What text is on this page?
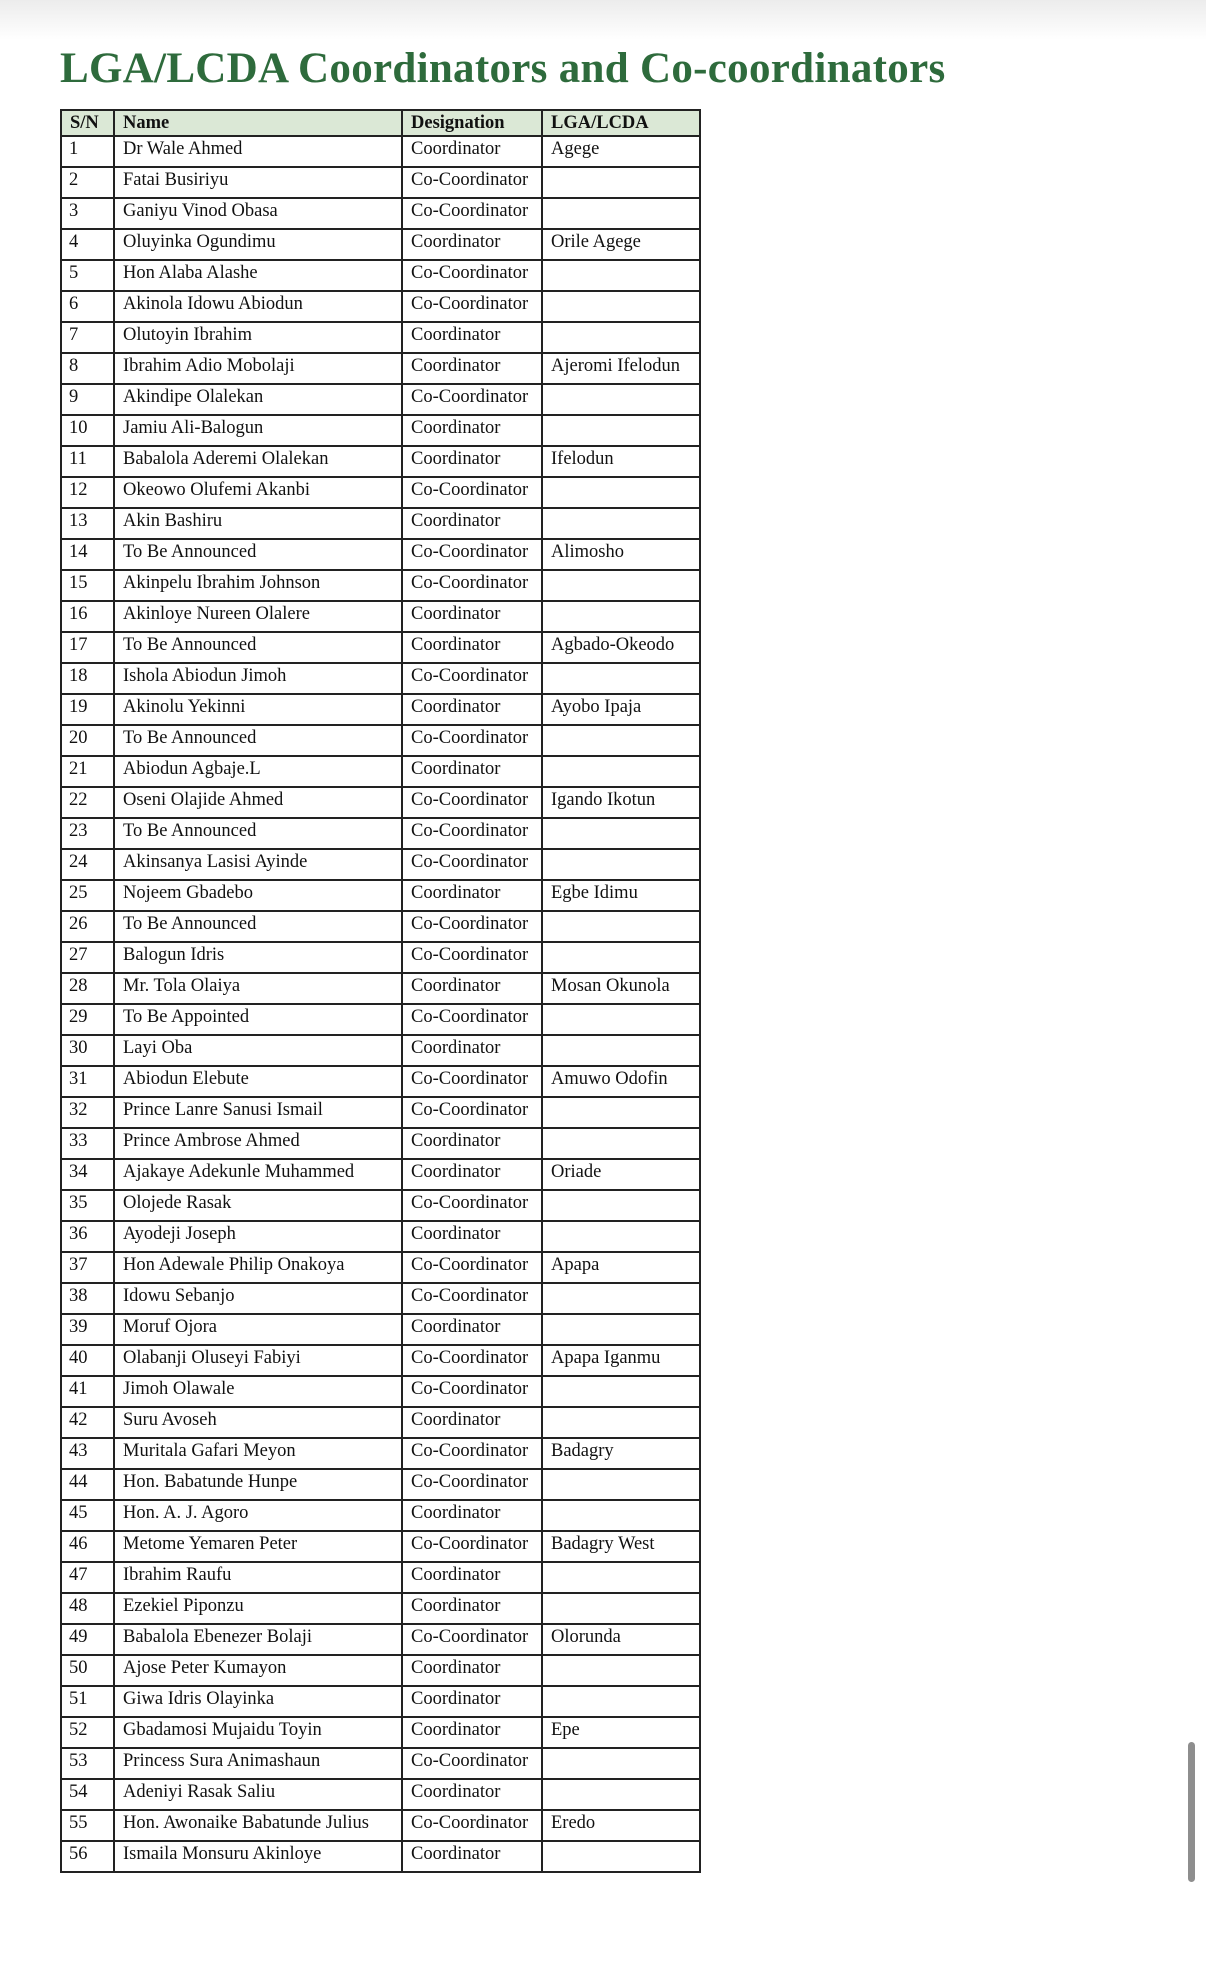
LGA/LCDA Coordinators and Co-coordinators
S/N	Name	Designation	LGA/LCDA
1	Dr Wale Ahmed	Coordinator	Agege
2	Fatai Busiriyu	Co-Coordinator	
3	Ganiyu Vinod Obasa	Co-Coordinator	
4	Oluyinka Ogundimu	Coordinator	Orile Agege
5	Hon Alaba Alashe	Co-Coordinator	
6	Akinola Idowu Abiodun	Co-Coordinator	
7	Olutoyin Ibrahim	Coordinator	
8	Ibrahim Adio Mobolaji	Coordinator	Ajeromi Ifelodun
9	Akindipe Olalekan	Co-Coordinator	
10	Jamiu Ali-Balogun	Coordinator	
11	Babalola Aderemi Olalekan	Coordinator	Ifelodun
12	Okeowo Olufemi Akanbi	Co-Coordinator	
13	Akin Bashiru	Coordinator	
14	To Be Announced	Co-Coordinator	Alimosho
15	Akinpelu Ibrahim Johnson	Co-Coordinator	
16	Akinloye Nureen Olalere	Coordinator	
17	To Be Announced	Coordinator	Agbado-Okeodo
18	Ishola Abiodun Jimoh	Co-Coordinator	
19	Akinolu Yekinni	Coordinator	Ayobo Ipaja
20	To Be Announced	Co-Coordinator	
21	Abiodun Agbaje.L	Coordinator	
22	Oseni Olajide Ahmed	Co-Coordinator	Igando Ikotun
23	To Be Announced	Co-Coordinator	
24	Akinsanya Lasisi Ayinde	Co-Coordinator	
25	Nojeem Gbadebo	Coordinator	Egbe Idimu
26	To Be Announced	Co-Coordinator	
27	Balogun Idris	Co-Coordinator	
28	Mr. Tola Olaiya	Coordinator	Mosan Okunola
29	To Be Appointed	Co-Coordinator	
30	Layi Oba	Coordinator	
31	Abiodun Elebute	Co-Coordinator	Amuwo Odofin
32	Prince Lanre Sanusi Ismail	Co-Coordinator	
33	Prince Ambrose Ahmed	Coordinator	
34	Ajakaye Adekunle Muhammed	Coordinator	Oriade
35	Olojede Rasak	Co-Coordinator	
36	Ayodeji Joseph	Coordinator	
37	Hon Adewale Philip Onakoya	Co-Coordinator	Apapa
38	Idowu Sebanjo	Co-Coordinator	
39	Moruf Ojora	Coordinator	
40	Olabanji Oluseyi Fabiyi	Co-Coordinator	Apapa Iganmu
41	Jimoh Olawale	Co-Coordinator	
42	Suru Avoseh	Coordinator	
43	Muritala Gafari Meyon	Co-Coordinator	Badagry
44	Hon. Babatunde Hunpe	Co-Coordinator	
45	Hon. A. J. Agoro	Coordinator	
46	Metome Yemaren Peter	Co-Coordinator	Badagry West
47	Ibrahim Raufu	Coordinator	
48	Ezekiel Piponzu	Coordinator	
49	Babalola Ebenezer Bolaji	Co-Coordinator	Olorunda
50	Ajose Peter Kumayon	Coordinator	
51	Giwa Idris Olayinka	Coordinator	
52	Gbadamosi Mujaidu Toyin	Coordinator	Epe
53	Princess Sura Animashaun	Co-Coordinator	
54	Adeniyi Rasak Saliu	Coordinator	
55	Hon. Awonaike Babatunde Julius	Co-Coordinator	Eredo
56	Ismaila Monsuru Akinloye	Coordinator	
